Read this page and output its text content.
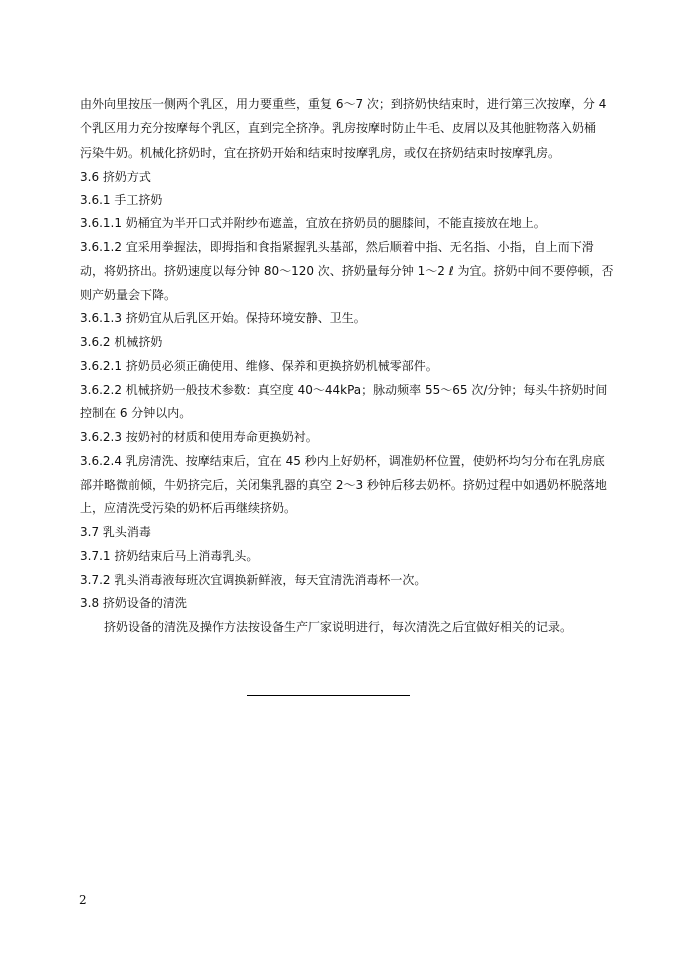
由外向里按压一侧两个乳区，用力要重些，重复 6～7 次；到挤奶快结束时，进行第三次按摩，分 4
个乳区用力充分按摩每个乳区，直到完全挤净。乳房按摩时防止牛毛、皮屑以及其他脏物落入奶桶
污染牛奶。机械化挤奶时，宜在挤奶开始和结束时按摩乳房，或仅在挤奶结束时按摩乳房。
3.6 挤奶方式
3.6.1 手工挤奶
3.6.1.1 奶桶宜为半开口式并附纱布遮盖，宜放在挤奶员的腿膝间，不能直接放在地上。
3.6.1.2 宜采用拳握法，即拇指和食指紧握乳头基部，然后顺着中指、无名指、小指，自上而下滑
动，将奶挤出。挤奶速度以每分钟 80～120 次、挤奶量每分钟 1～2 ℓ 为宜。挤奶中间不要停顿，否
则产奶量会下降。
3.6.1.3 挤奶宜从后乳区开始。保持环境安静、卫生。
3.6.2 机械挤奶
3.6.2.1 挤奶员必须正确使用、维修、保养和更换挤奶机械零部件。
3.6.2.2 机械挤奶一般技术参数：真空度 40～44kPa；脉动频率 55～65 次/分钟；每头牛挤奶时间
控制在 6 分钟以内。
3.6.2.3 按奶衬的材质和使用寿命更换奶衬。
3.6.2.4 乳房清洗、按摩结束后，宜在 45 秒内上好奶杯，调准奶杯位置，使奶杯均匀分布在乳房底
部并略微前倾，牛奶挤完后，关闭集乳器的真空 2～3 秒钟后移去奶杯。挤奶过程中如遇奶杯脱落地
上，应清洗受污染的奶杯后再继续挤奶。
3.7 乳头消毒
3.7.1 挤奶结束后马上消毒乳头。
3.7.2 乳头消毒液每班次宜调换新鲜液，每天宜清洗消毒杯一次。
3.8 挤奶设备的清洗
挤奶设备的清洗及操作方法按设备生产厂家说明进行，每次清洗之后宜做好相关的记录。
2
